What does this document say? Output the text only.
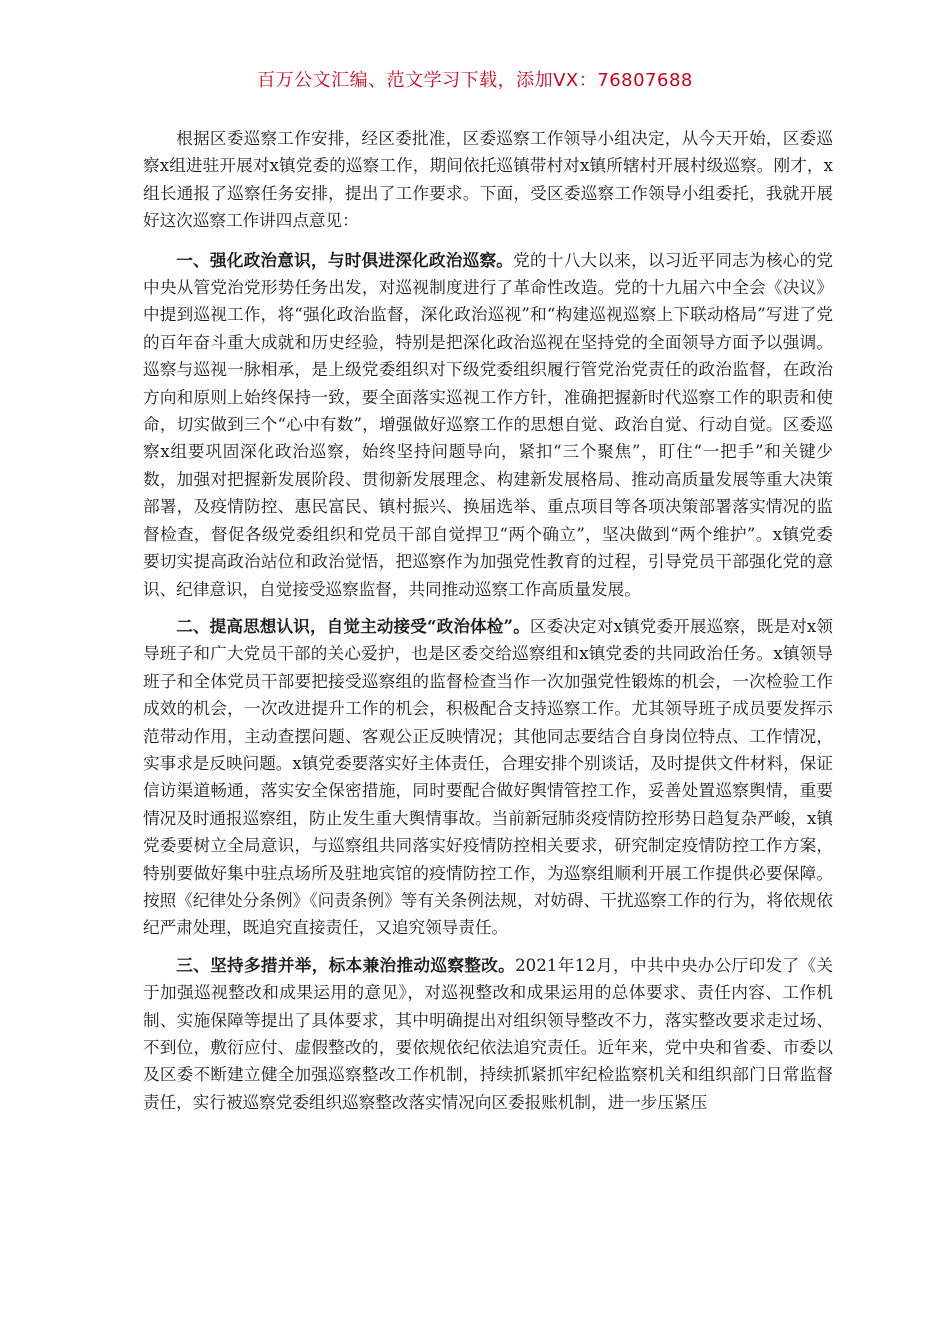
百万公文汇编、范文学习下载，添加VX：76807688

根据区委巡察工作安排，经区委批准，区委巡察工作领导小组决定，从今天开始，区委巡察x组进驻开展对x镇党委的巡察工作，期间依托巡镇带村对x镇所辖村开展村级巡察。刚才，x组长通报了巡察任务安排，提出了工作要求。下面，受区委巡察工作领导小组委托，我就开展好这次巡察工作讲四点意见：

一、强化政治意识，与时俱进深化政治巡察。党的十八大以来，以习近平同志为核心的党中央从管党治党形势任务出发，对巡视制度进行了革命性改造。党的十九届六中全会《决议》中提到巡视工作，将“强化政治监督，深化政治巡视”和“构建巡视巡察上下联动格局”写进了党的百年奋斗重大成就和历史经验，特别是把深化政治巡视在坚持党的全面领导方面予以强调。巡察与巡视一脉相承，是上级党委组织对下级党委组织履行管党治党责任的政治监督，在政治方向和原则上始终保持一致，要全面落实巡视工作方针，准确把握新时代巡察工作的职责和使命，切实做到三个“心中有数”，增强做好巡察工作的思想自觉、政治自觉、行动自觉。区委巡察x组要巩固深化政治巡察，始终坚持问题导向，紧扣“三个聚焦”，盯住“一把手”和关键少数，加强对把握新发展阶段、贯彻新发展理念、构建新发展格局、推动高质量发展等重大决策部署，及疫情防控、惠民富民、镇村振兴、换届选举、重点项目等各项决策部署落实情况的监督检查，督促各级党委组织和党员干部自觉捍卫“两个确立”，坚决做到“两个维护”。x镇党委要切实提高政治站位和政治觉悟，把巡察作为加强党性教育的过程，引导党员干部强化党的意识、纪律意识，自觉接受巡察监督，共同推动巡察工作高质量发展。

二、提高思想认识，自觉主动接受“政治体检”。区委决定对x镇党委开展巡察，既是对x领导班子和广大党员干部的关心爱护，也是区委交给巡察组和x镇党委的共同政治任务。x镇领导班子和全体党员干部要把接受巡察组的监督检查当作一次加强党性锻炼的机会，一次检验工作成效的机会，一次改进提升工作的机会，积极配合支持巡察工作。尤其领导班子成员要发挥示范带动作用，主动查摆问题、客观公正反映情况；其他同志要结合自身岗位特点、工作情况，实事求是反映问题。x镇党委要落实好主体责任，合理安排个别谈话，及时提供文件材料，保证信访渠道畅通，落实安全保密措施，同时要配合做好舆情管控工作，妥善处置巡察舆情，重要情况及时通报巡察组，防止发生重大舆情事故。当前新冠肺炎疫情防控形势日趋复杂严峻，x镇党委要树立全局意识，与巡察组共同落实好疫情防控相关要求，研究制定疫情防控工作方案，特别要做好集中驻点场所及驻地宾馆的疫情防控工作，为巡察组顺利开展工作提供必要保障。按照《纪律处分条例》《问责条例》等有关条例法规，对妨碍、干扰巡察工作的行为，将依规依纪严肃处理，既追究直接责任，又追究领导责任。

三、坚持多措并举，标本兼治推动巡察整改。2021年12月，中共中央办公厅印发了《关于加强巡视整改和成果运用的意见》，对巡视整改和成果运用的总体要求、责任内容、工作机制、实施保障等提出了具体要求，其中明确提出对组织领导整改不力，落实整改要求走过场、不到位，敷衍应付、虚假整改的，要依规依纪依法追究责任。近年来，党中央和省委、市委以及区委不断建立健全加强巡察整改工作机制，持续抓紧抓牢纪检监察机关和组织部门日常监督责任，实行被巡察党委组织巡察整改落实情况向区委报账机制，进一步压紧压
